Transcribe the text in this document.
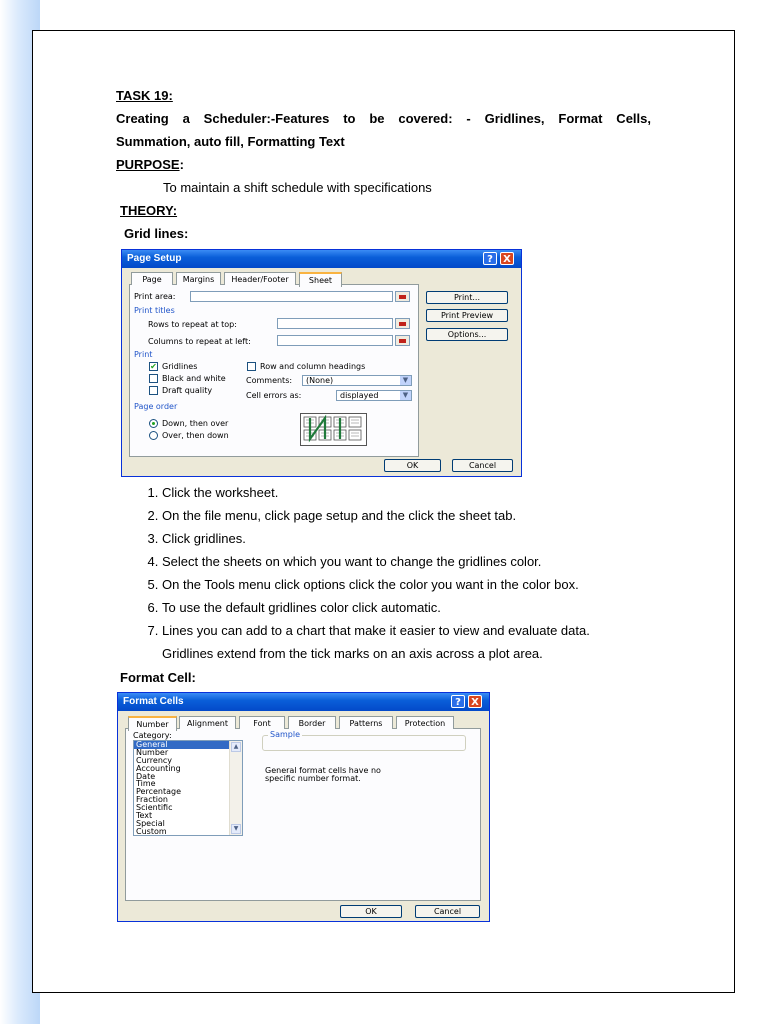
TASK 19:
Creating a Scheduler:-Features to be covered: - Gridlines, Format Cells,
Summation, auto fill, Formatting Text
PURPOSE:
To maintain a shift schedule with specifications
THEORY:
Grid lines:
Page Setup	?	X
Page	Margins	Header/Footer	Sheet
Print area:	Print...
Print Preview
Options...
Print titles
Rows to repeat at top:
Columns to repeat at left:
Print
✔ Gridlines
Black and white
Draft quality
Row and column headings
Comments:	(None)	▼
Cell errors as:	displayed	▼
Page order
Down, then over
Over, then down
OK	Cancel
1. Click the worksheet.
2. On the file menu, click page setup and the click the sheet tab.
3. Click gridlines.
4. Select the sheets on which you want to change the gridlines color.
5. On the Tools menu click options click the color you want in the color box.
6. To use the default gridlines color click automatic.
7. Lines you can add to a chart that make it easier to view and evaluate data.
Gridlines extend from the tick marks on an axis across a plot area.
Format Cell:
Format Cells	?	X
Number	Alignment	Font	Border	Patterns	Protection
Category:
General
Number
Currency
Accounting
Date
Time
Percentage
Fraction
Scientific
Text
Special
Custom
▲
▼
Sample
General format cells have no
specific number format.
OK	Cancel
